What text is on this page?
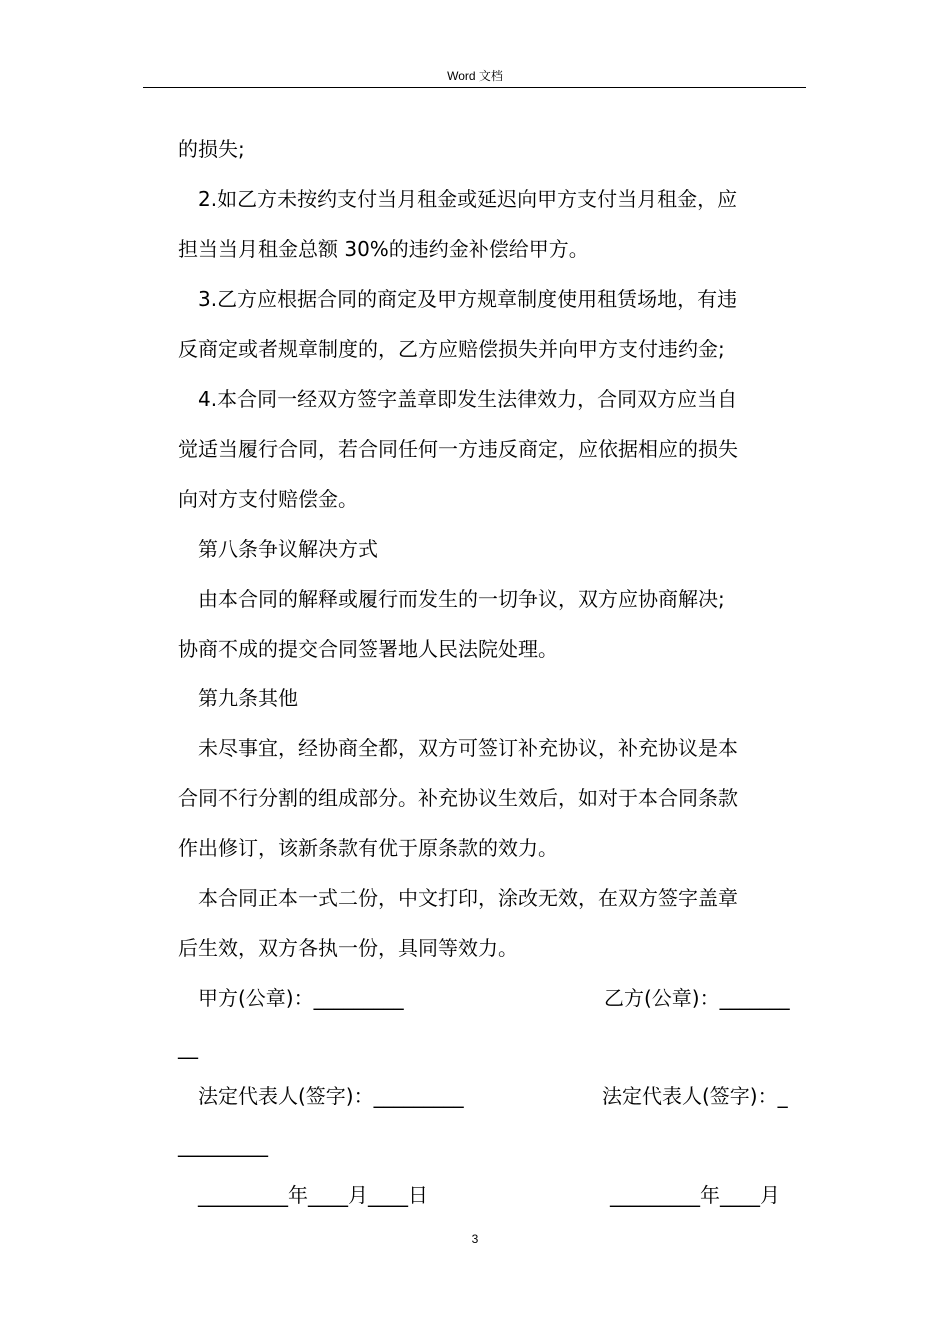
Word 文档
的损失;
2.如乙方未按约支付当月租金或延迟向甲方支付当月租金，应
担当当月租金总额 30%的违约金补偿给甲方。
3.乙方应根据合同的商定及甲方规章制度使用租赁场地，有违
反商定或者规章制度的，乙方应赔偿损失并向甲方支付违约金;
4.本合同一经双方签字盖章即发生法律效力，合同双方应当自
觉适当履行合同，若合同任何一方违反商定，应依据相应的损失
向对方支付赔偿金。
第八条争议解决方式
由本合同的解释或履行而发生的一切争议，双方应协商解决;
协商不成的提交合同签署地人民法院处理。
第九条其他
未尽事宜，经协商全都，双方可签订补充协议，补充协议是本
合同不行分割的组成部分。补充协议生效后，如对于本合同条款
作出修订，该新条款有优于原条款的效力。
本合同正本一式二份，中文打印，涂改无效，在双方签字盖章
后生效，双方各执一份，具同等效力。
甲方(公章)：_________	乙方(公章)：_______
__
法定代表人(签字)：_________	法定代表人(签字)：_
_________
_________年____月____日	_________年____月
3
